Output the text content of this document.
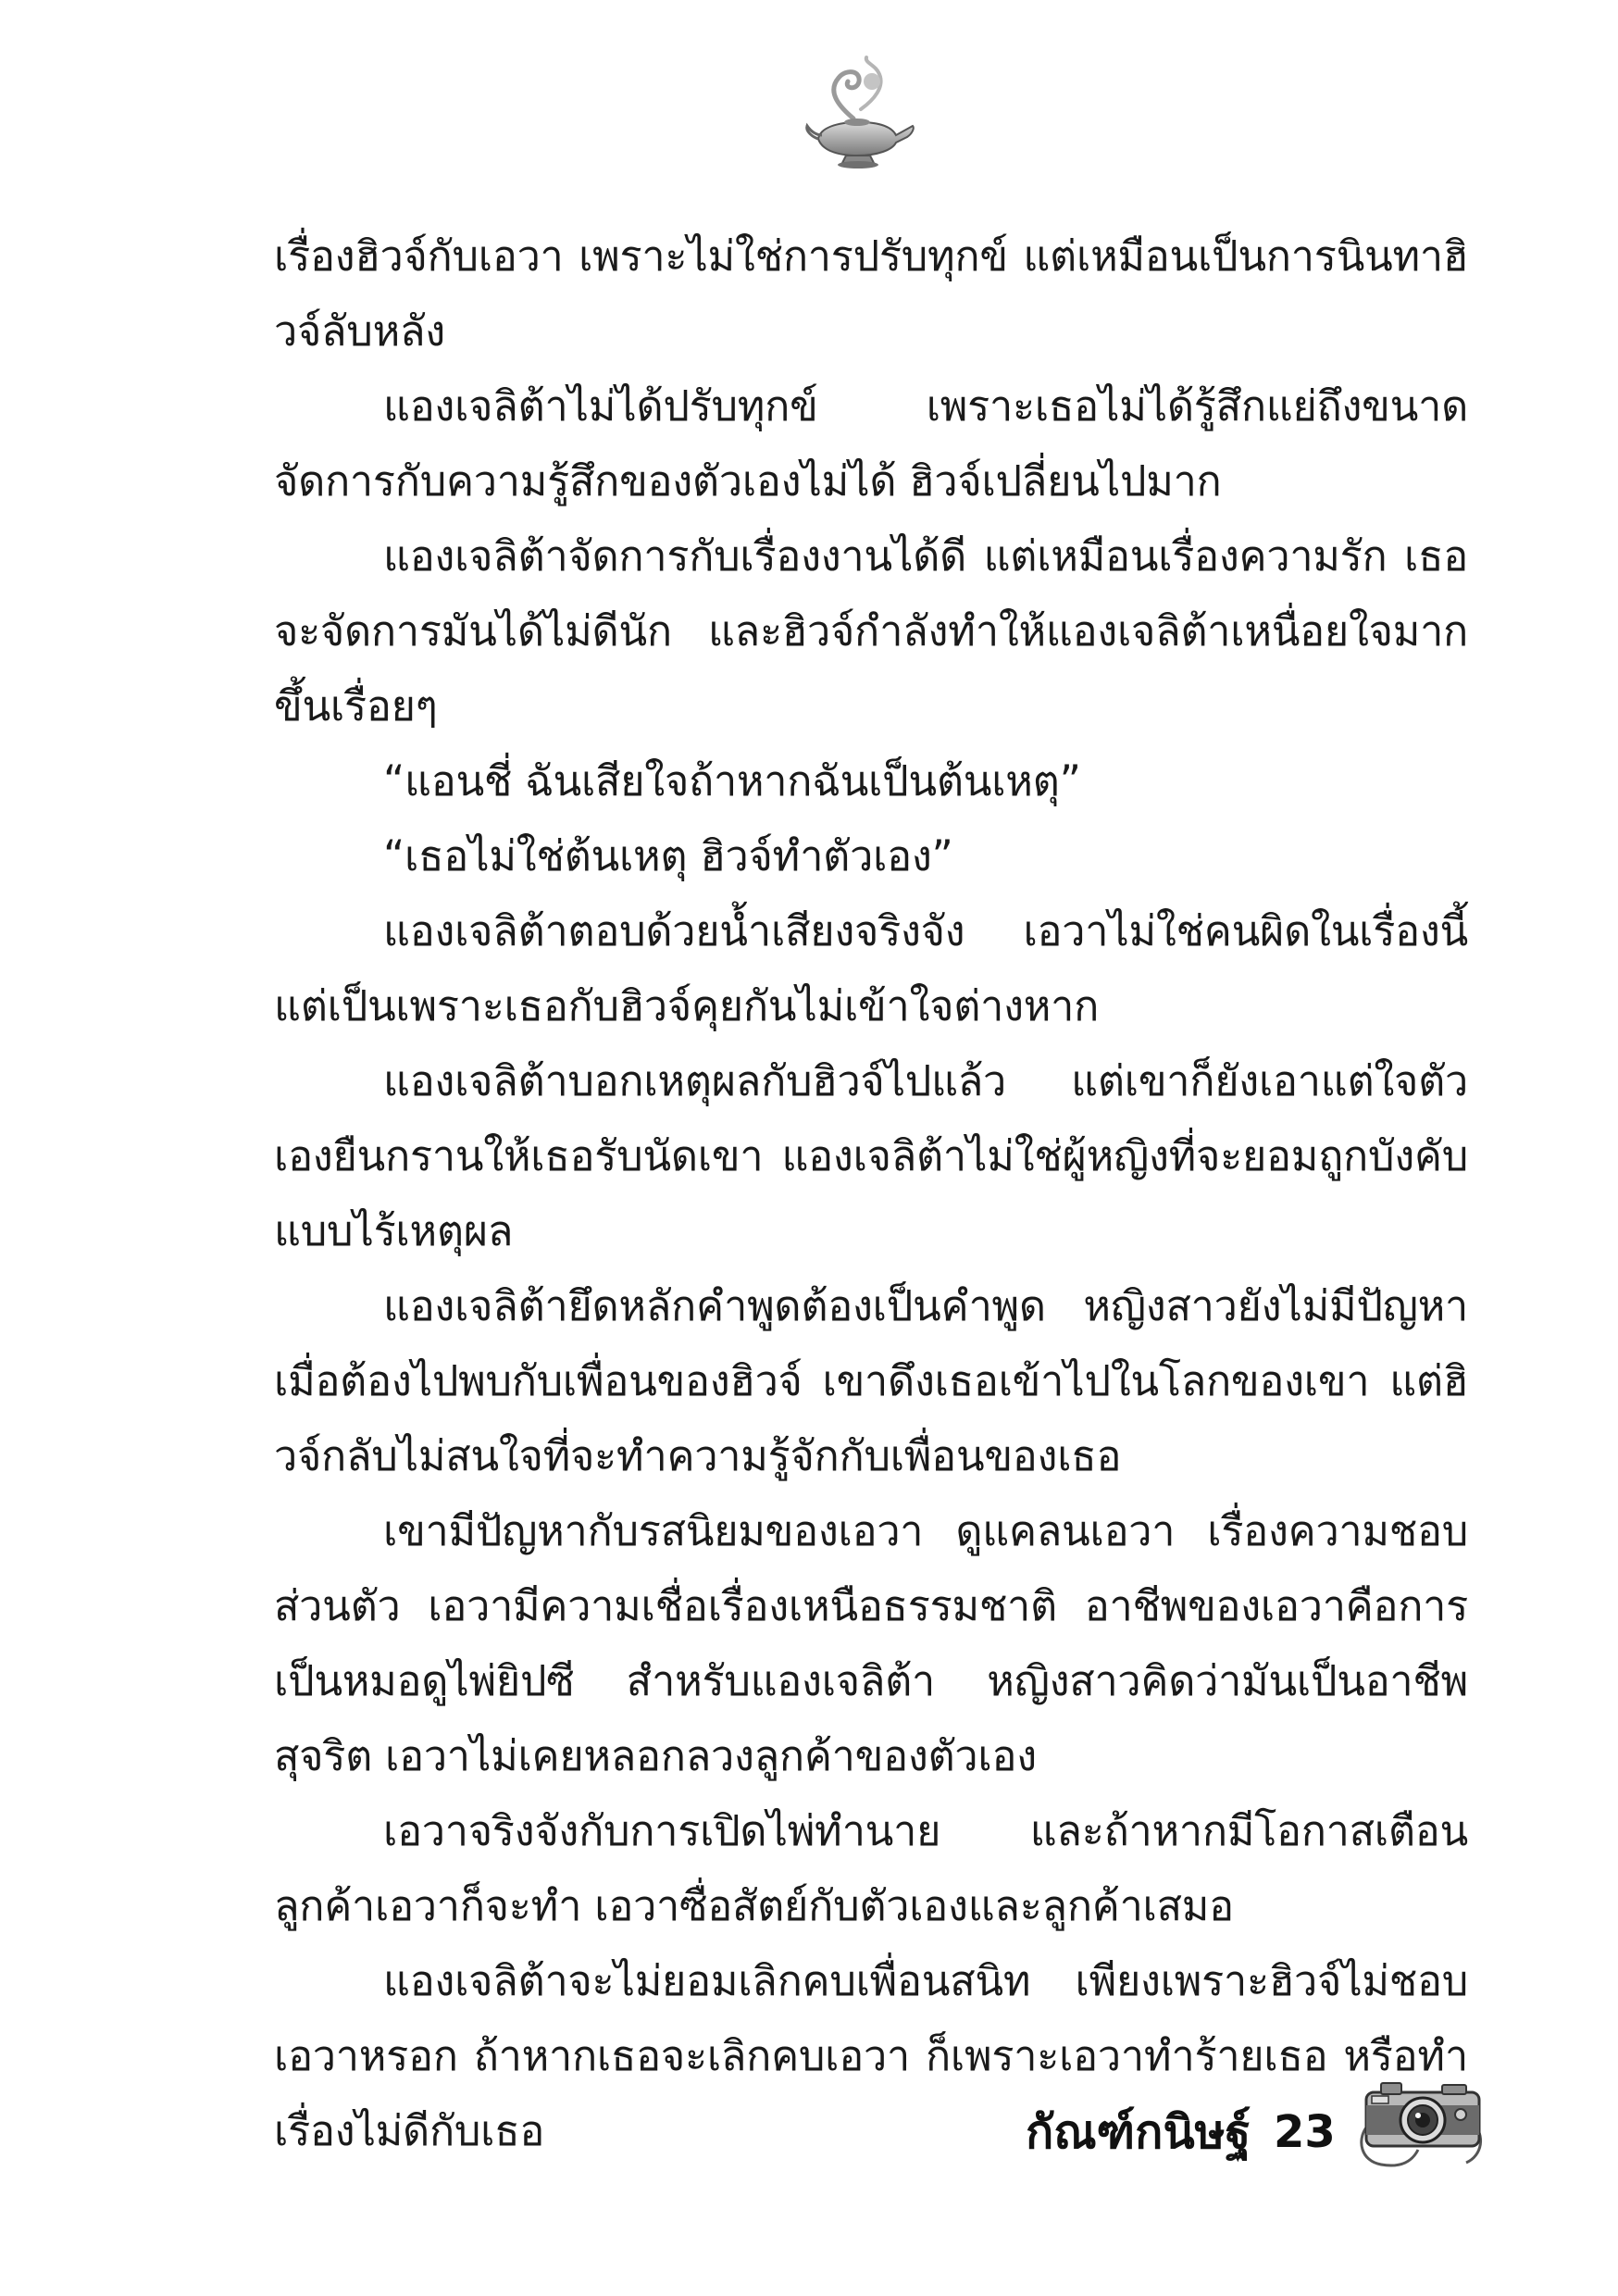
เรื่องฮิวจ์กับเอวา เพราะไม่ใช่การปรับทุกข์ แต่เหมือนเป็นการนินทาฮิวจ์ลับหลัง

แองเจลิต้าไม่ได้ปรับทุกข์ เพราะเธอไม่ได้รู้สึกแย่ถึงขนาดจัดการกับความรู้สึกของตัวเองไม่ได้ ฮิวจ์เปลี่ยนไปมาก

แองเจลิต้าจัดการกับเรื่องงานได้ดี แต่เหมือนเรื่องความรัก เธอจะจัดการมันได้ไม่ดีนัก และฮิวจ์กำลังทำให้แองเจลิต้าเหนื่อยใจมากขึ้นเรื่อยๆ

“แอนชี่ ฉันเสียใจถ้าหากฉันเป็นต้นเหตุ”

“เธอไม่ใช่ต้นเหตุ ฮิวจ์ทำตัวเอง”

แองเจลิต้าตอบด้วยน้ำเสียงจริงจัง เอวาไม่ใช่คนผิดในเรื่องนี้แต่เป็นเพราะเธอกับฮิวจ์คุยกันไม่เข้าใจต่างหาก

แองเจลิต้าบอกเหตุผลกับฮิวจ์ไปแล้ว แต่เขาก็ยังเอาแต่ใจตัวเองยืนกรานให้เธอรับนัดเขา แองเจลิต้าไม่ใช่ผู้หญิงที่จะยอมถูกบังคับแบบไร้เหตุผล

แองเจลิต้ายึดหลักคำพูดต้องเป็นคำพูด หญิงสาวยังไม่มีปัญหาเมื่อต้องไปพบกับเพื่อนของฮิวจ์ เขาดึงเธอเข้าไปในโลกของเขา แต่ฮิวจ์กลับไม่สนใจที่จะทำความรู้จักกับเพื่อนของเธอ

เขามีปัญหากับรสนิยมของเอวา ดูแคลนเอวา เรื่องความชอบส่วนตัว เอวามีความเชื่อเรื่องเหนือธรรมชาติ อาชีพของเอวาคือการเป็นหมอดูไพ่ยิปซี สำหรับแองเจลิต้า หญิงสาวคิดว่ามันเป็นอาชีพสุจริต เอวาไม่เคยหลอกลวงลูกค้าของตัวเอง

เอวาจริงจังกับการเปิดไพ่ทำนาย และถ้าหากมีโอกาสเตือนลูกค้าเอวาก็จะทำ เอวาซื่อสัตย์กับตัวเองและลูกค้าเสมอ

แองเจลิต้าจะไม่ยอมเลิกคบเพื่อนสนิท เพียงเพราะฮิวจ์ไม่ชอบเอวาหรอก ถ้าหากเธอจะเลิกคบเอวา ก็เพราะเอวาทำร้ายเธอ หรือทำเรื่องไม่ดีกับเธอ	กัณฑ์กนิษฐ์ 23
